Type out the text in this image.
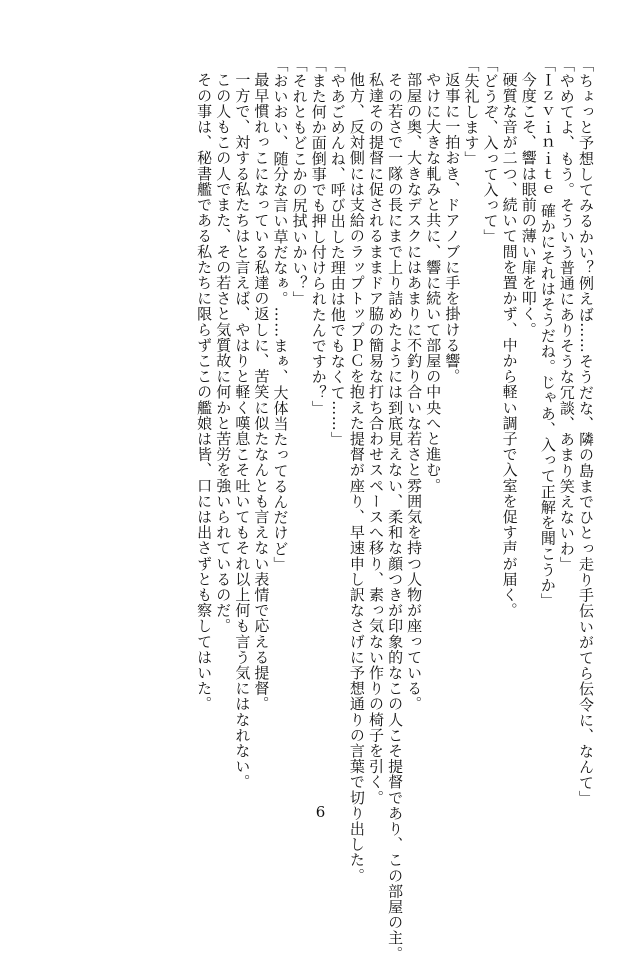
「ちょっと予想してみるかい？例えば……そうだな、隣の島までひとっ走り手伝いがてら伝令に、なんて」
「やめてよ、もう。そういう普通にありそうな冗談、あまり笑えないわ」
「Ｉｚｖｉｎｉｔｅ 確かにそれはそうだね。じゃあ、入って正解を聞こうか」
今度こそ、響は眼前の薄い扉を叩く。
硬質な音が二つ、続いて間を置かず、中から軽い調子で入室を促す声が届く。
「どうぞ、入って入って」
「失礼します」
返事に一拍おき、ドアノブに手を掛ける響。
やけに大きな軋みと共に、響に続いて部屋の中央へと進む。
部屋の奥、大きなデスクにはあまりに不釣り合いな若さと雰囲気を持つ人物が座っている。
その若さで一隊の長にまで上り詰めたようには到底見えない、柔和な顔つきが印象的なこの人こそ提督であり、この部屋の主。
私達その提督に促されるままドア脇の簡易な打ち合わせスペースへ移り、素っ気ない作りの椅子を引く。
他方、反対側には支給のラップトップＰＣを抱えた提督が座り、早速申し訳なさげに予想通りの言葉で切り出した。
「やあごめんね、呼び出した理由は他でもなくて……」
「また何か面倒事でも押し付けられたんですか？」
「それともどこかの尻拭いかい？」
「おいおい、随分な言い草だなぁ。……まぁ、大体当たってるんだけど」
最早慣れっこになっている私達の返しに、苦笑に似たなんとも言えない表情で応える提督。
一方で、対する私たちはと言えば、やはりと軽く嘆息こそ吐いてもそれ以上何も言う気にはなれない。
この人もこの人でまた、その若さと気質故に何かと苦労を強いられているのだ。
その事は、秘書艦である私たちに限らずここの艦娘は皆、口には出さずとも察してはいた。
6
